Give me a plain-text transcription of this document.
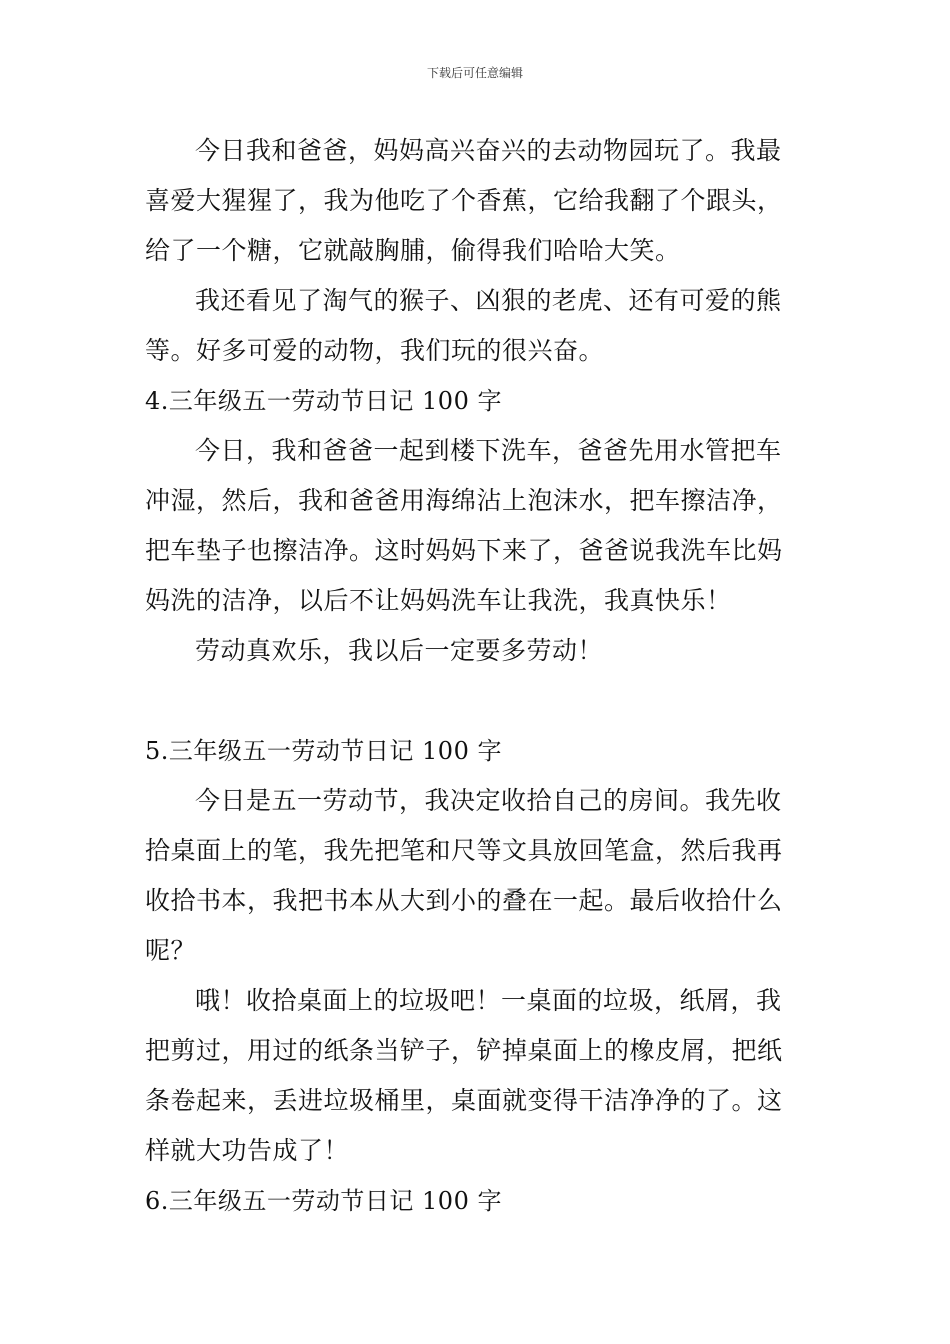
下载后可任意编辑
今日我和爸爸，妈妈高兴奋兴的去动物园玩了。我最
喜爱大猩猩了，我为他吃了个香蕉，它给我翻了个跟头，
给了一个糖，它就敲胸脯，偷得我们哈哈大笑。
我还看见了淘气的猴子、凶狠的老虎、还有可爱的熊
等。好多可爱的动物，我们玩的很兴奋。
4.三年级五一劳动节日记 100 字
今日，我和爸爸一起到楼下洗车，爸爸先用水管把车
冲湿，然后，我和爸爸用海绵沾上泡沫水，把车擦洁净，
把车垫子也擦洁净。这时妈妈下来了，爸爸说我洗车比妈
妈洗的洁净，以后不让妈妈洗车让我洗，我真快乐！
劳动真欢乐，我以后一定要多劳动！
5.三年级五一劳动节日记 100 字
今日是五一劳动节，我决定收拾自己的房间。我先收
拾桌面上的笔，我先把笔和尺等文具放回笔盒，然后我再
收拾书本，我把书本从大到小的叠在一起。最后收拾什么
呢？
哦！收拾桌面上的垃圾吧！一桌面的垃圾，纸屑，我
把剪过，用过的纸条当铲子，铲掉桌面上的橡皮屑，把纸
条卷起来，丢进垃圾桶里，桌面就变得干洁净净的了。这
样就大功告成了！
6.三年级五一劳动节日记 100 字
